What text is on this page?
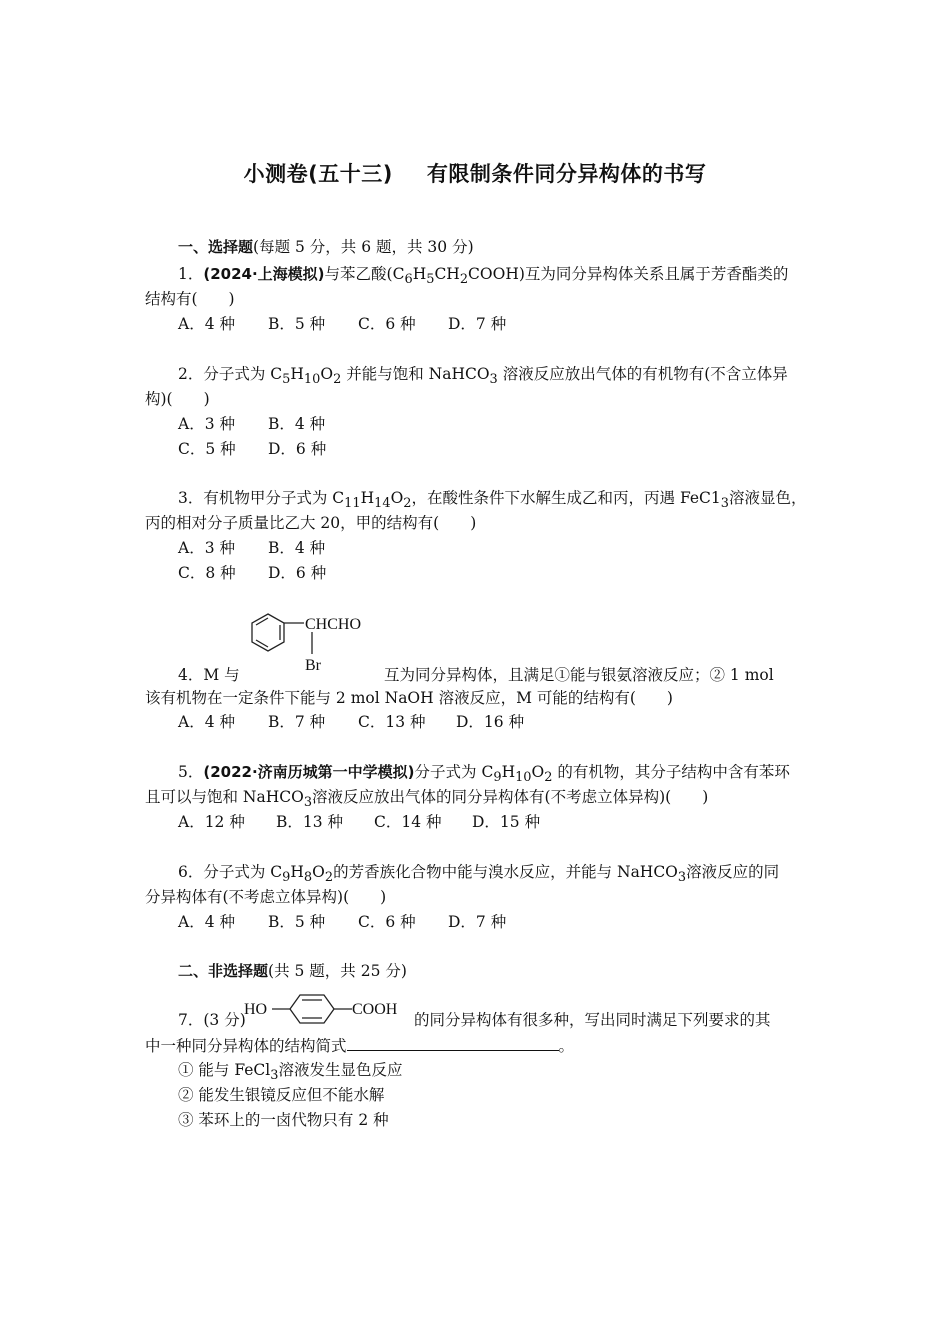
小测卷(五十三) 有限制条件同分异构体的书写
一、选择题(每题 5 分，共 6 题，共 30 分)
1．(2024·上海模拟)与苯乙酸$(C_6H_5CH_2COOH)$互为同分异构体关系且属于芳香酯类的
结构有(　　)
A．4 种 B．5 种 C．6 种 D．7 种
2．分子式为 $C_5H_{10}O_2$ 并能与饱和 NaHCO$_3$ 溶液反应放出气体的有机物有(不含立体异
构)(　　)
A．3 种 B．4 种
C．5 种 D．6 种
3．有机物甲分子式为 $C_{11}H_{14}O_2$，在酸性条件下水解生成乙和丙，丙遇 $FeC1_3$溶液显色，
丙的相对分子质量比乙大 20，甲的结构有(　　)
A．3 种 B．4 种
C．8 种 D．6 种
CHCHO
Br
4．M 与	互为同分异构体，且满足①能与银氨溶液反应；② 1 mol
该有机物在一定条件下能与 2 mol NaOH 溶液反应，M 可能的结构有(　　)
A．4 种 B．7 种 C．13 种 D．16 种
5．(2022·济南历城第一中学模拟)分子式为 $C_9H_{10}O_2$ 的有机物，其分子结构中含有苯环
且可以与饱和 NaHCO$_3$溶液反应放出气体的同分异构体有(不考虑立体异构)(　　)
A．12 种 B．13 种 C．14 种 D．15 种
6．分子式为 $C_9H_8O_2$的芳香族化合物中能与溴水反应，并能与 NaHCO$_3$溶液反应的同
分异构体有(不考虑立体异构)(　　)
A．4 种 B．5 种 C．6 种 D．7 种
二、非选择题(共 5 题，共 25 分)
7．(3 分)
HO	COOH
的同分异构体有很多种，写出同时满足下列要求的其
中一种同分异构体的结构简式	。
① 能与 FeCl$_3$溶液发生显色反应
② 能发生银镜反应但不能水解
③ 苯环上的一卤代物只有 2 种
